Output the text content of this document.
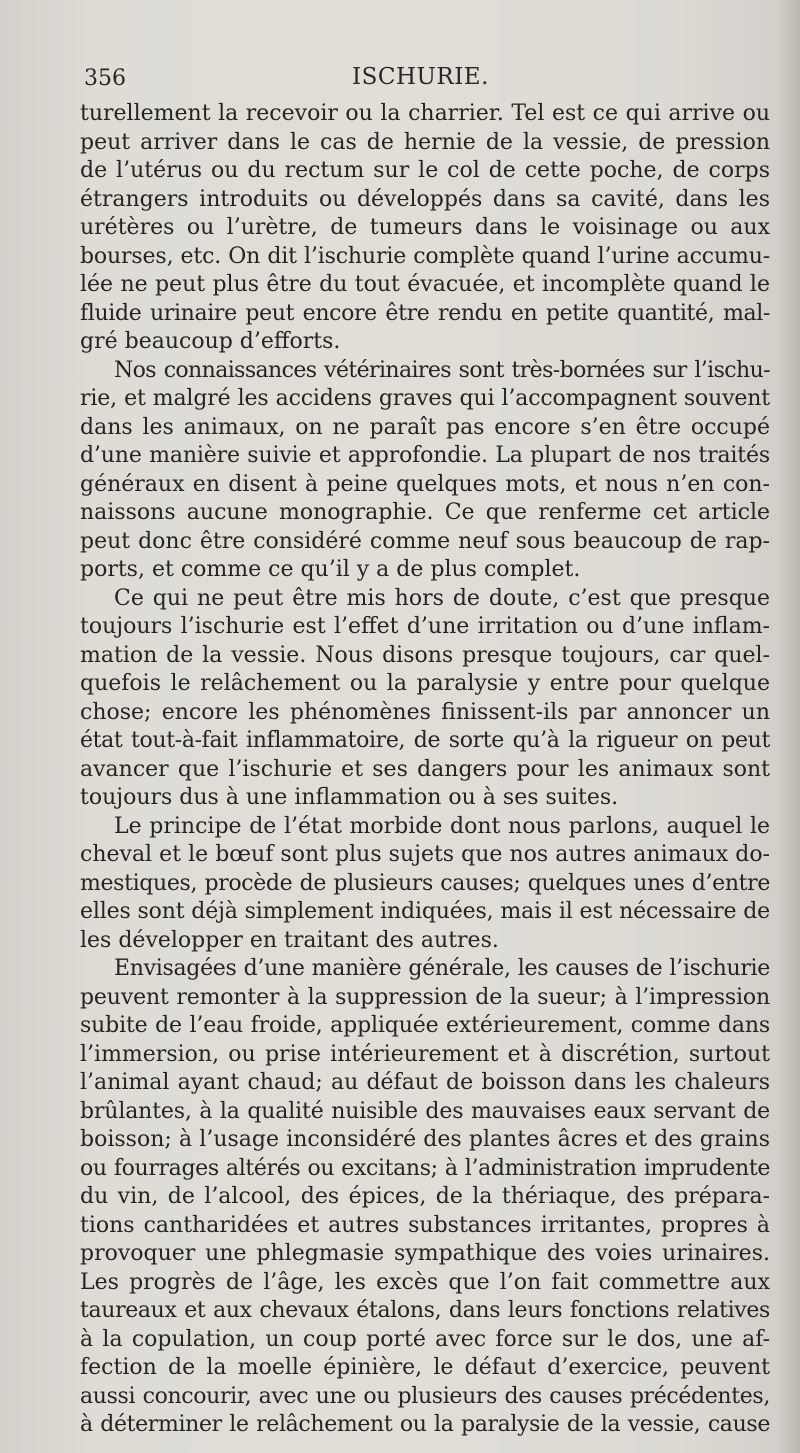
356	ISCHURIE.
turellement la recevoir ou la charrier. Tel est ce qui arrive ou
peut arriver dans le cas de hernie de la vessie, de pression
de l’utérus ou du rectum sur le col de cette poche, de corps
étrangers introduits ou développés dans sa cavité, dans les
urétères ou l’urètre, de tumeurs dans le voisinage ou aux
bourses, etc. On dit l’ischurie complète quand l’urine accumu-
lée ne peut plus être du tout évacuée, et incomplète quand le
fluide urinaire peut encore être rendu en petite quantité, mal-
gré beaucoup d’efforts.
Nos connaissances vétérinaires sont très-bornées sur l’ischu-
rie, et malgré les accidens graves qui l’accompagnent souvent
dans les animaux, on ne paraît pas encore s’en être occupé
d’une manière suivie et approfondie. La plupart de nos traités
généraux en disent à peine quelques mots, et nous n’en con-
naissons aucune monographie. Ce que renferme cet article
peut donc être considéré comme neuf sous beaucoup de rap-
ports, et comme ce qu’il y a de plus complet.
Ce qui ne peut être mis hors de doute, c’est que presque
toujours l’ischurie est l’effet d’une irritation ou d’une inflam-
mation de la vessie. Nous disons presque toujours, car quel-
quefois le relâchement ou la paralysie y entre pour quelque
chose; encore les phénomènes finissent-ils par annoncer un
état tout-à-fait inflammatoire, de sorte qu’à la rigueur on peut
avancer que l’ischurie et ses dangers pour les animaux sont
toujours dus à une inflammation ou à ses suites.
Le principe de l’état morbide dont nous parlons, auquel le
cheval et le bœuf sont plus sujets que nos autres animaux do-
mestiques, procède de plusieurs causes; quelques unes d’entre
elles sont déjà simplement indiquées, mais il est nécessaire de
les développer en traitant des autres.
Envisagées d’une manière générale, les causes de l’ischurie
peuvent remonter à la suppression de la sueur; à l’impression
subite de l’eau froide, appliquée extérieurement, comme dans
l’immersion, ou prise intérieurement et à discrétion, surtout
l’animal ayant chaud; au défaut de boisson dans les chaleurs
brûlantes, à la qualité nuisible des mauvaises eaux servant de
boisson; à l’usage inconsidéré des plantes âcres et des grains
ou fourrages altérés ou excitans; à l’administration imprudente
du vin, de l’alcool, des épices, de la thériaque, des prépara-
tions cantharidées et autres substances irritantes, propres à
provoquer une phlegmasie sympathique des voies urinaires.
Les progrès de l’âge, les excès que l’on fait commettre aux
taureaux et aux chevaux étalons, dans leurs fonctions relatives
à la copulation, un coup porté avec force sur le dos, une af-
fection de la moelle épinière, le défaut d’exercice, peuvent
aussi concourir, avec une ou plusieurs des causes précédentes,
à déterminer le relâchement ou la paralysie de la vessie, cause
